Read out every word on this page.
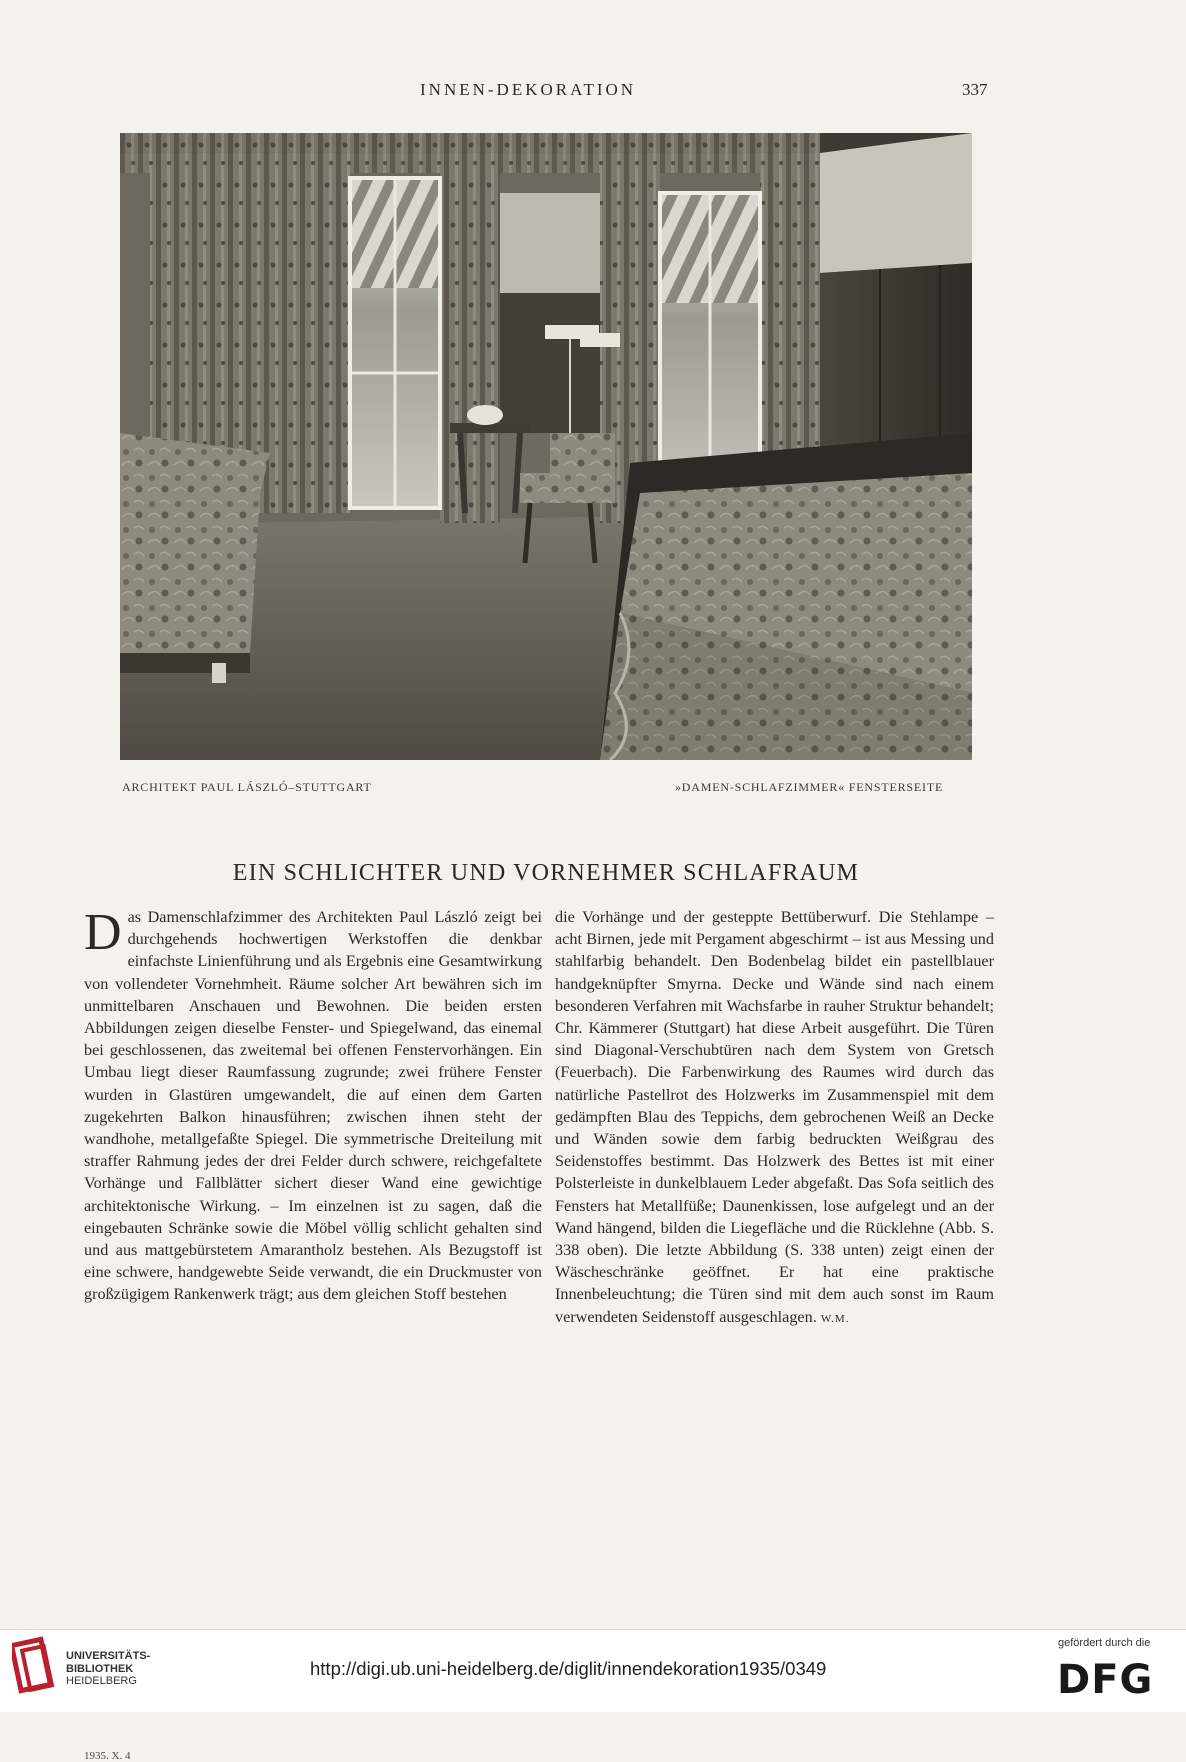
INNEN-DEKORATION	337
ARCHITEKT PAUL LÁSZLÓ–STUTTGART	»DAMEN-SCHLAFZIMMER« FENSTERSEITE
EIN SCHLICHTER UND VORNEHMER SCHLAFRAUM
Das Damenschlafzimmer des Architekten Paul László zeigt bei durchgehends hochwertigen Werkstoffen die denkbar einfachste Linienführung und als Ergebnis eine Gesamtwirkung von vollendeter Vornehmheit. Räume solcher Art bewähren sich im unmittelbaren Anschauen und Bewohnen. Die beiden ersten Abbildungen zeigen dieselbe Fenster- und Spiegelwand, das einemal bei geschlossenen, das zweitemal bei offenen Fenstervorhängen. Ein Umbau liegt dieser Raumfassung zugrunde; zwei frühere Fenster wurden in Glastüren umgewandelt, die auf einen dem Garten zugekehrten Balkon hinausführen; zwischen ihnen steht der wandhohe, metallgefaßte Spiegel. Die symmetrische Dreiteilung mit straffer Rahmung jedes der drei Felder durch schwere, reichgefaltete Vorhänge und Fallblätter sichert dieser Wand eine gewichtige architektonische Wirkung. – Im einzelnen ist zu sagen, daß die eingebauten Schränke sowie die Möbel völlig schlicht gehalten sind und aus mattgebürstetem Amarantholz bestehen. Als Bezugstoff ist eine schwere, handgewebte Seide verwandt, die ein Druckmuster von großzügigem Rankenwerk trägt; aus dem gleichen Stoff bestehen
die Vorhänge und der gesteppte Bettüberwurf. Die Stehlampe – acht Birnen, jede mit Pergament abgeschirmt – ist aus Messing und stahlfarbig behandelt. Den Bodenbelag bildet ein pastellblauer handgeknüpfter Smyrna. Decke und Wände sind nach einem besonderen Verfahren mit Wachsfarbe in rauher Struktur behandelt; Chr. Kämmerer (Stuttgart) hat diese Arbeit ausgeführt. Die Türen sind Diagonal-Verschubtüren nach dem System von Gretsch (Feuerbach). Die Farbenwirkung des Raumes wird durch das natürliche Pastellrot des Holzwerks im Zusammenspiel mit dem gedämpften Blau des Teppichs, dem gebrochenen Weiß an Decke und Wänden sowie dem farbig bedruckten Weißgrau des Seidenstoffes bestimmt. Das Holzwerk des Bettes ist mit einer Polsterleiste in dunkelblauem Leder abgefaßt. Das Sofa seitlich des Fensters hat Metallfüße; Daunenkissen, lose aufgelegt und an der Wand hängend, bilden die Liegefläche und die Rücklehne (Abb. S. 338 oben). Die letzte Abbildung (S. 338 unten) zeigt einen der Wäscheschränke geöffnet. Er hat eine praktische Innenbeleuchtung; die Türen sind mit dem auch sonst im Raum verwendeten Seidenstoff ausgeschlagen. W.M.
1935. X. 4
UNIVERSITÄTS-
BIBLIOTHEK
HEIDELBERG
http://digi.ub.uni-heidelberg.de/diglit/innendekoration1935/0349
gefördert durch die
DFG
